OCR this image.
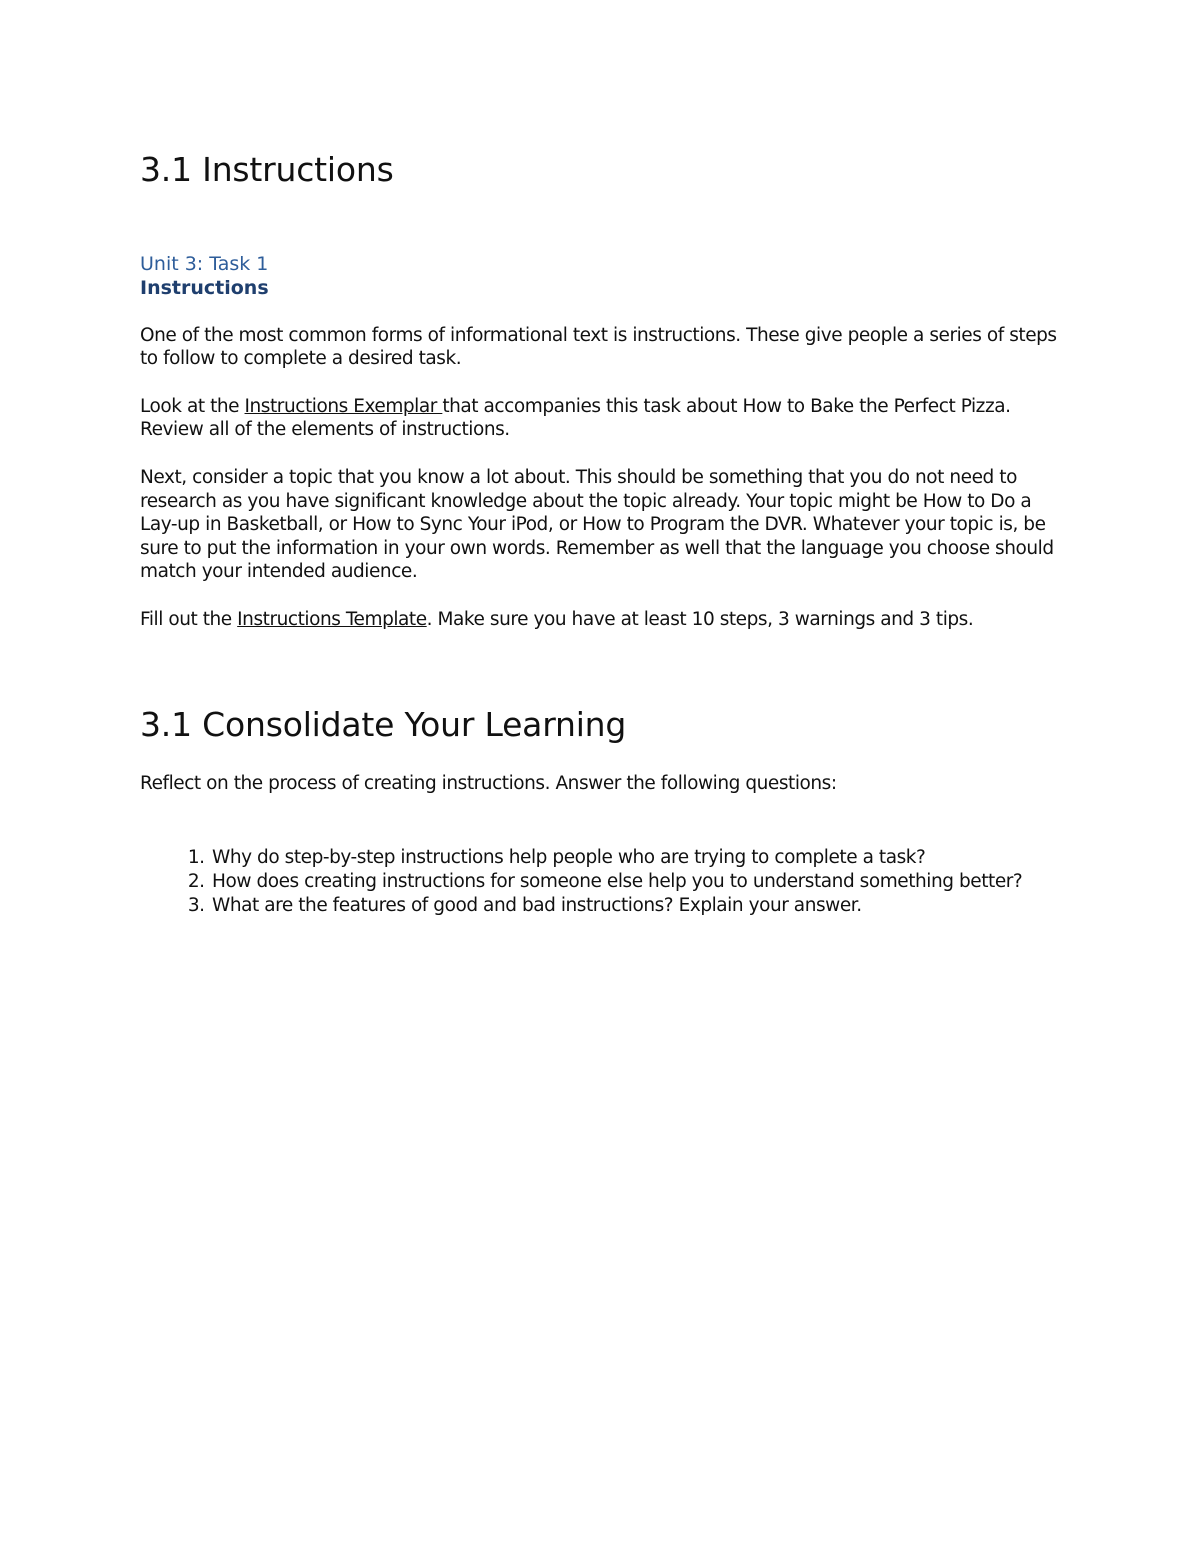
3.1 Instructions
Unit 3: Task 1
Instructions

One of the most common forms of informational text is instructions. These give people a series of steps to follow to complete a desired task.

Look at the Instructions Exemplar that accompanies this task about How to Bake the Perfect Pizza. Review all of the elements of instructions.

Next, consider a topic that you know a lot about. This should be something that you do not need to research as you have significant knowledge about the topic already. Your topic might be How to Do a Lay-up in Basketball, or How to Sync Your iPod, or How to Program the DVR. Whatever your topic is, be sure to put the information in your own words. Remember as well that the language you choose should match your intended audience.

Fill out the Instructions Template. Make sure you have at least 10 steps, 3 warnings and 3 tips.

3.1 Consolidate Your Learning

Reflect on the process of creating instructions. Answer the following questions:

1. Why do step-by-step instructions help people who are trying to complete a task?
2. How does creating instructions for someone else help you to understand something better?
3. What are the features of good and bad instructions? Explain your answer.
